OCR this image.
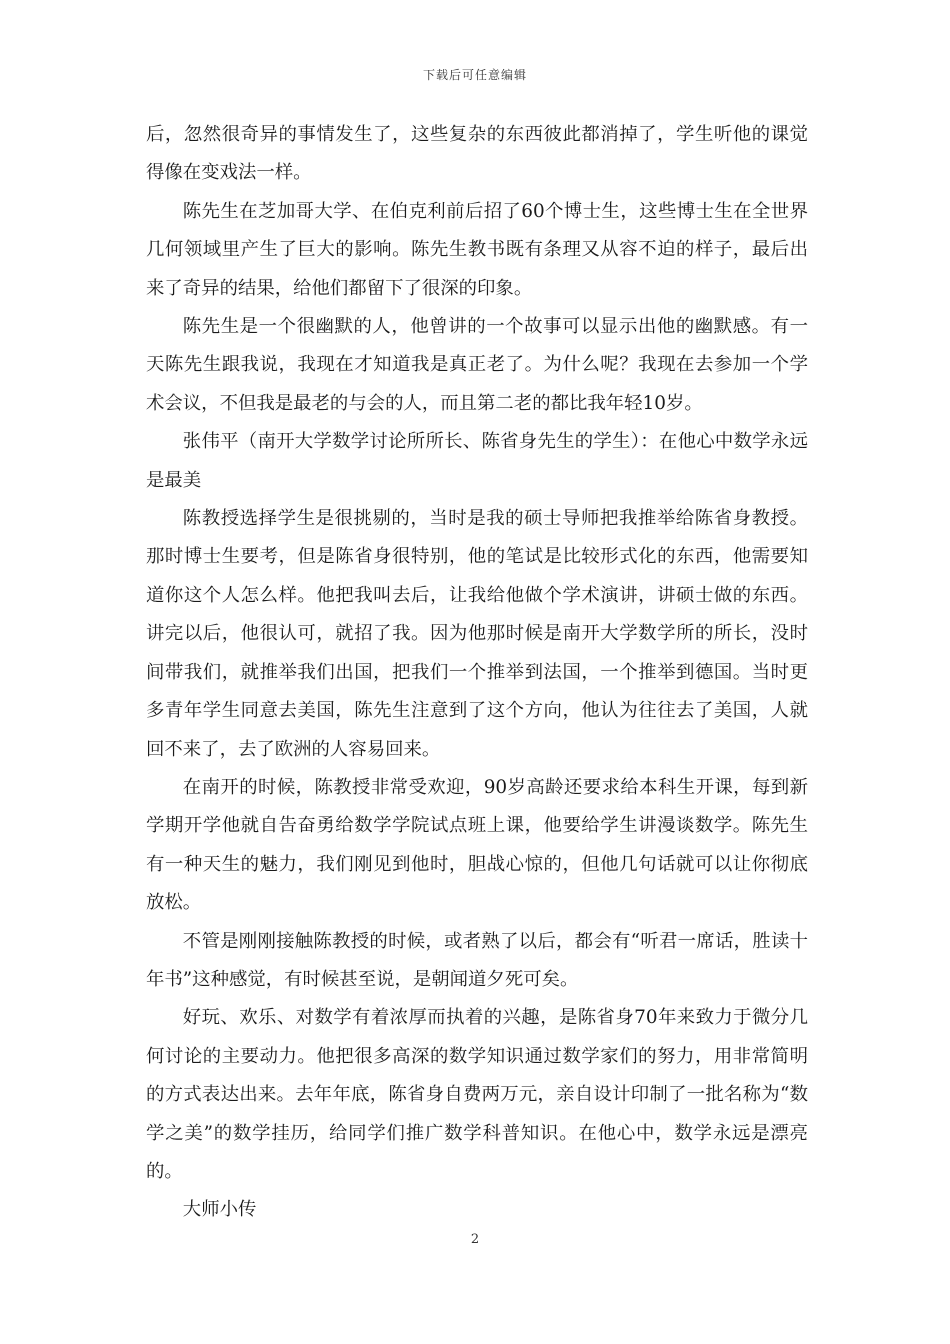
下载后可任意编辑

后，忽然很奇异的事情发生了，这些复杂的东西彼此都消掉了，学生听他的课觉得像在变戏法一样。

陈先生在芝加哥大学、在伯克利前后招了60个博士生，这些博士生在全世界几何领域里产生了巨大的影响。陈先生教书既有条理又从容不迫的样子，最后出来了奇异的结果，给他们都留下了很深的印象。

陈先生是一个很幽默的人，他曾讲的一个故事可以显示出他的幽默感。有一天陈先生跟我说，我现在才知道我是真正老了。为什么呢？我现在去参加一个学术会议，不但我是最老的与会的人，而且第二老的都比我年轻10岁。

张伟平（南开大学数学讨论所所长、陈省身先生的学生）：在他心中数学永远是最美

陈教授选择学生是很挑剔的，当时是我的硕士导师把我推举给陈省身教授。那时博士生要考，但是陈省身很特别，他的笔试是比较形式化的东西，他需要知道你这个人怎么样。他把我叫去后，让我给他做个学术演讲，讲硕士做的东西。讲完以后，他很认可，就招了我。因为他那时候是南开大学数学所的所长，没时间带我们，就推举我们出国，把我们一个推举到法国，一个推举到德国。当时更多青年学生同意去美国，陈先生注意到了这个方向，他认为往往去了美国，人就回不来了，去了欧洲的人容易回来。

在南开的时候，陈教授非常受欢迎，90岁高龄还要求给本科生开课，每到新学期开学他就自告奋勇给数学学院试点班上课，他要给学生讲漫谈数学。陈先生有一种天生的魅力，我们刚见到他时，胆战心惊的，但他几句话就可以让你彻底放松。

不管是刚刚接触陈教授的时候，或者熟了以后，都会有“听君一席话，胜读十年书”这种感觉，有时候甚至说，是朝闻道夕死可矣。

好玩、欢乐、对数学有着浓厚而执着的兴趣，是陈省身70年来致力于微分几何讨论的主要动力。他把很多高深的数学知识通过数学家们的努力，用非常简明的方式表达出来。去年年底，陈省身自费两万元，亲自设计印制了一批名称为“数学之美”的数学挂历，给同学们推广数学科普知识。在他心中，数学永远是漂亮的。

大师小传

2
